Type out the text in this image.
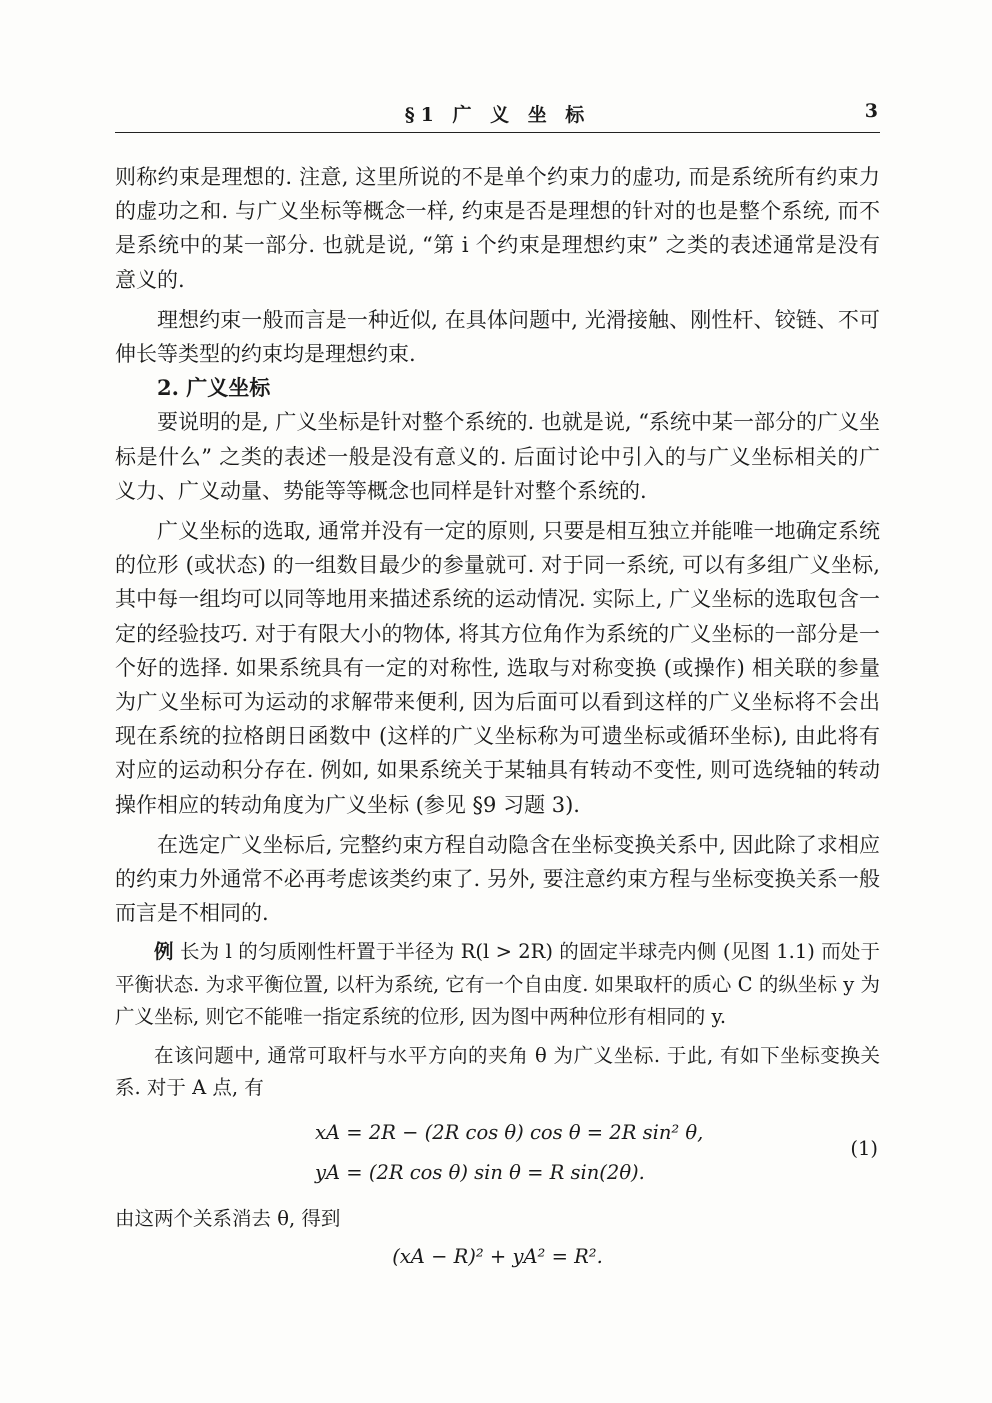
§1 广 义 坐 标	3

则称约束是理想的. 注意, 这里所说的不是单个约束力的虚功, 而是系统所有约束力的虚功之和. 与广义坐标等概念一样, 约束是否是理想的针对的也是整个系统, 而不是系统中的某一部分. 也就是说, “第 i 个约束是理想约束” 之类的表述通常是没有意义的.

理想约束一般而言是一种近似, 在具体问题中, 光滑接触、刚性杆、铰链、不可伸长等类型的约束均是理想约束.

2. 广义坐标

要说明的是, 广义坐标是针对整个系统的. 也就是说, “系统中某一部分的广义坐标是什么” 之类的表述一般是没有意义的. 后面讨论中引入的与广义坐标相关的广义力、广义动量、势能等等概念也同样是针对整个系统的.

广义坐标的选取, 通常并没有一定的原则, 只要是相互独立并能唯一地确定系统的位形 (或状态) 的一组数目最少的参量就可. 对于同一系统, 可以有多组广义坐标, 其中每一组均可以同等地用来描述系统的运动情况. 实际上, 广义坐标的选取包含一定的经验技巧. 对于有限大小的物体, 将其方位角作为系统的广义坐标的一部分是一个好的选择. 如果系统具有一定的对称性, 选取与对称变换 (或操作) 相关联的参量为广义坐标可为运动的求解带来便利, 因为后面可以看到这样的广义坐标将不会出现在系统的拉格朗日函数中 (这样的广义坐标称为可遗坐标或循环坐标), 由此将有对应的运动积分存在. 例如, 如果系统关于某轴具有转动不变性, 则可选绕轴的转动操作相应的转动角度为广义坐标 (参见 §9 习题 3).

在选定广义坐标后, 完整约束方程自动隐含在坐标变换关系中, 因此除了求相应的约束力外通常不必再考虑该类约束了. 另外, 要注意约束方程与坐标变换关系一般而言是不相同的.

例 长为 l 的匀质刚性杆置于半径为 R(l > 2R) 的固定半球壳内侧 (见图 1.1) 而处于平衡状态. 为求平衡位置, 以杆为系统, 它有一个自由度. 如果取杆的质心 C 的纵坐标 y 为广义坐标, 则它不能唯一指定系统的位形, 因为图中两种位形有相同的 y.

在该问题中, 通常可取杆与水平方向的夹角 θ 为广义坐标. 于此, 有如下坐标变换关系. 对于 A 点, 有

xA = 2R − (2R cos θ) cos θ = 2R sin² θ,
yA = (2R cos θ) sin θ = R sin(2θ).
(1)

由这两个关系消去 θ, 得到

(xA − R)² + yA² = R².
